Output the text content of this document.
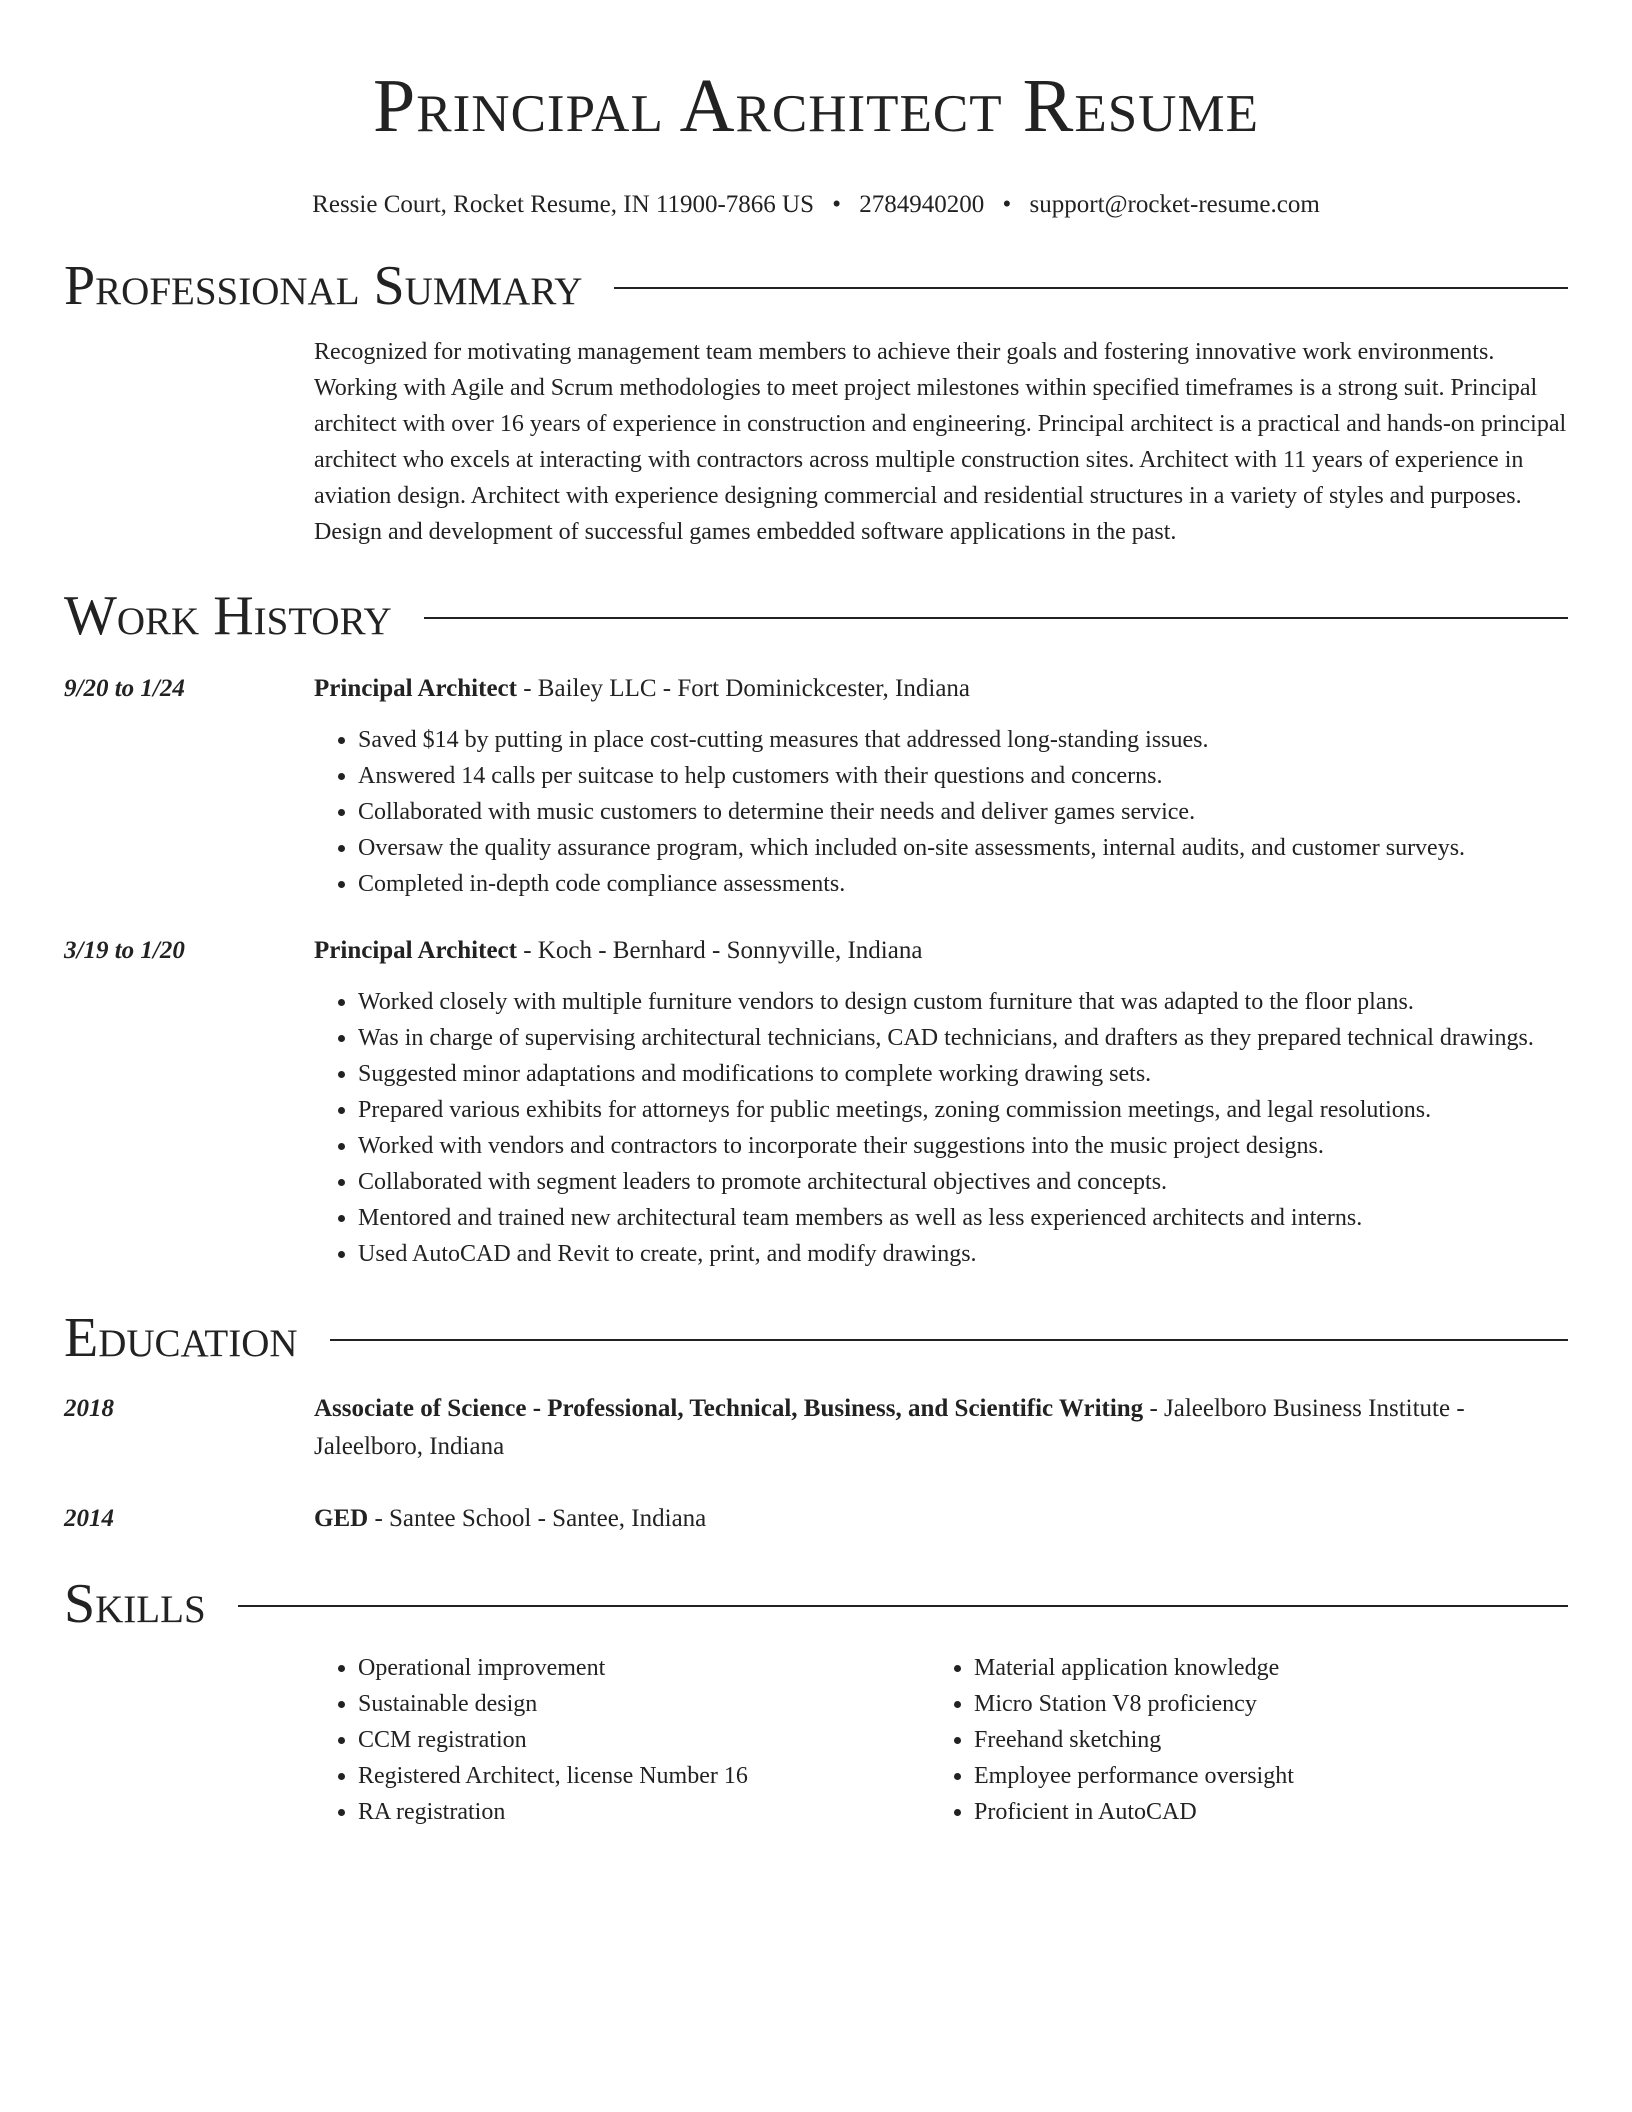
Principal Architect Resume
Ressie Court, Rocket Resume, IN 11900-7866 US • 2784940200 • support@rocket-resume.com
Professional Summary
Recognized for motivating management team members to achieve their goals and fostering innovative work environments. Working with Agile and Scrum methodologies to meet project milestones within specified timeframes is a strong suit. Principal architect with over 16 years of experience in construction and engineering. Principal architect is a practical and hands-on principal architect who excels at interacting with contractors across multiple construction sites. Architect with 11 years of experience in aviation design. Architect with experience designing commercial and residential structures in a variety of styles and purposes. Design and development of successful games embedded software applications in the past.
Work History
9/20 to 1/24	Principal Architect - Bailey LLC - Fort Dominickcester, Indiana
• Saved $14 by putting in place cost-cutting measures that addressed long-standing issues.
• Answered 14 calls per suitcase to help customers with their questions and concerns.
• Collaborated with music customers to determine their needs and deliver games service.
• Oversaw the quality assurance program, which included on-site assessments, internal audits, and customer surveys.
• Completed in-depth code compliance assessments.
3/19 to 1/20	Principal Architect - Koch - Bernhard - Sonnyville, Indiana
• Worked closely with multiple furniture vendors to design custom furniture that was adapted to the floor plans.
• Was in charge of supervising architectural technicians, CAD technicians, and drafters as they prepared technical drawings.
• Suggested minor adaptations and modifications to complete working drawing sets.
• Prepared various exhibits for attorneys for public meetings, zoning commission meetings, and legal resolutions.
• Worked with vendors and contractors to incorporate their suggestions into the music project designs.
• Collaborated with segment leaders to promote architectural objectives and concepts.
• Mentored and trained new architectural team members as well as less experienced architects and interns.
• Used AutoCAD and Revit to create, print, and modify drawings.
Education
2018	Associate of Science - Professional, Technical, Business, and Scientific Writing - Jaleelboro Business Institute - Jaleelboro, Indiana
2014	GED - Santee School - Santee, Indiana
Skills
• Operational improvement
• Sustainable design
• CCM registration
• Registered Architect, license Number 16
• RA registration
• Material application knowledge
• Micro Station V8 proficiency
• Freehand sketching
• Employee performance oversight
• Proficient in AutoCAD
